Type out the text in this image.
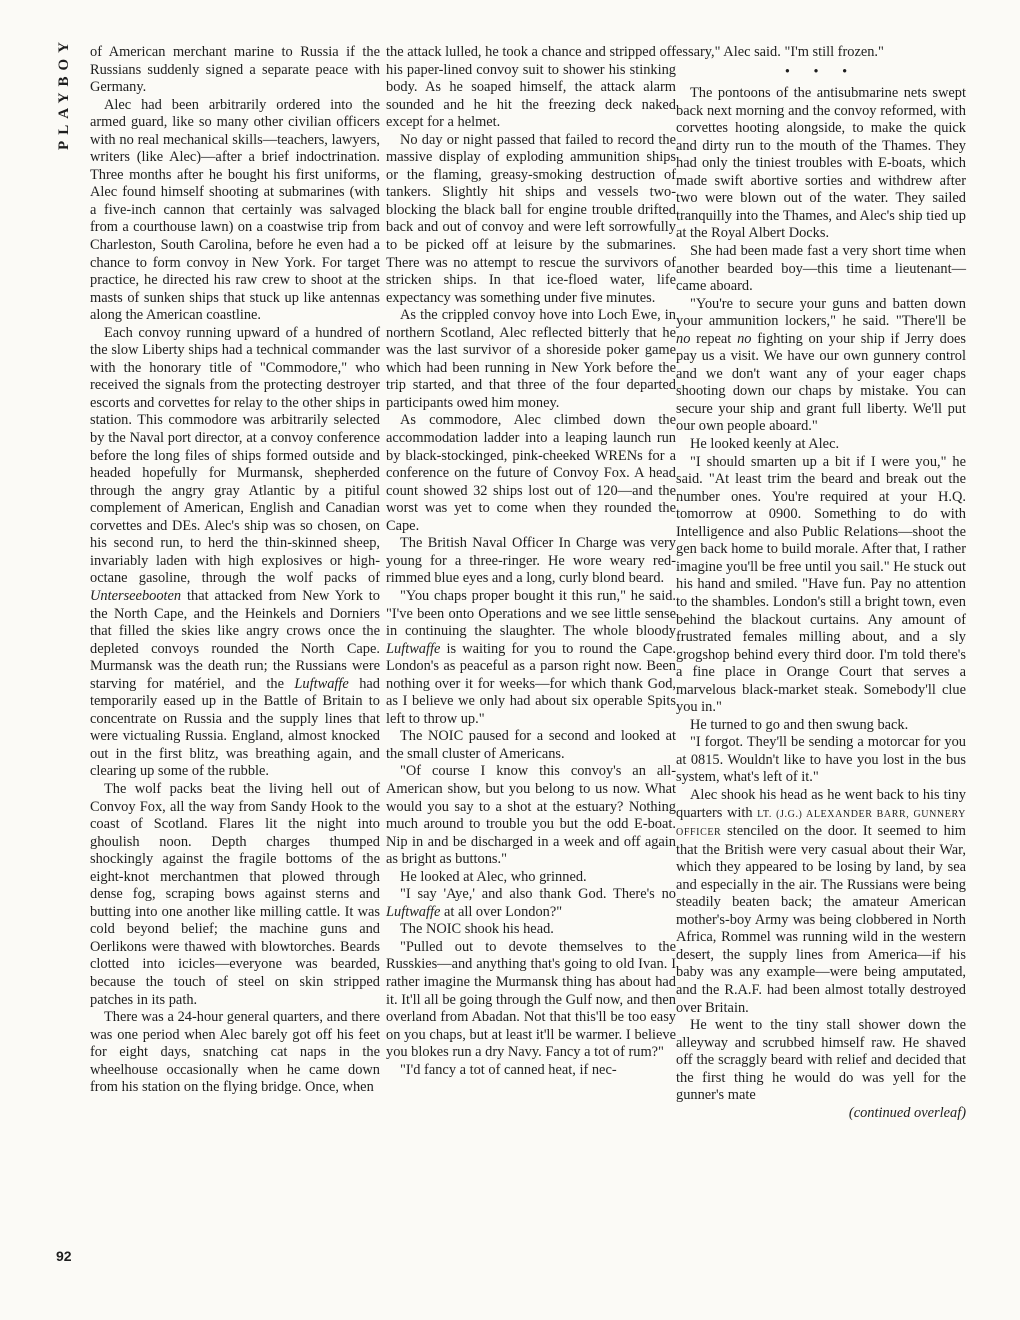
PLAYBOY
92

of American merchant marine to Russia if the Russians suddenly signed a separate peace with Germany.

Alec had been arbitrarily ordered into the armed guard, like so many other civilian officers with no real mechanical skills—teachers, lawyers, writers (like Alec)—after a brief indoctrination. Three months after he bought his first uniforms, Alec found himself shooting at submarines (with a five-inch cannon that certainly was salvaged from a courthouse lawn) on a coastwise trip from Charleston, South Carolina, before he even had a chance to form convoy in New York. For target practice, he directed his raw crew to shoot at the masts of sunken ships that stuck up like antennas along the American coastline.

Each convoy running upward of a hundred of the slow Liberty ships had a technical commander with the honorary title of "Commodore," who received the signals from the protecting destroyer escorts and corvettes for relay to the other ships in station. This commodore was arbitrarily selected by the Naval port director, at a convoy conference before the long files of ships formed outside and headed hopefully for Murmansk, shepherded through the angry gray Atlantic by a pitiful complement of American, English and Canadian corvettes and DEs. Alec's ship was so chosen, on his second run, to herd the thin-skinned sheep, invariably laden with high explosives or high-octane gasoline, through the wolf packs of Unterseebooten that attacked from New York to the North Cape, and the Heinkels and Dorniers that filled the skies like angry crows once the depleted convoys rounded the North Cape. Murmansk was the death run; the Russians were starving for matériel, and the Luftwaffe had temporarily eased up in the Battle of Britain to concentrate on Russia and the supply lines that were victualing Russia. England, almost knocked out in the first blitz, was breathing again, and clearing up some of the rubble.

The wolf packs beat the living hell out of Convoy Fox, all the way from Sandy Hook to the coast of Scotland. Flares lit the night into ghoulish noon. Depth charges thumped shockingly against the fragile bottoms of the eight-knot merchantmen that plowed through dense fog, scraping bows against sterns and butting into one another like milling cattle. It was cold beyond belief; the machine guns and Oerlikons were thawed with blowtorches. Beards clotted into icicles—everyone was bearded, because the touch of steel on skin stripped patches in its path.

There was a 24-hour general quarters, and there was one period when Alec barely got off his feet for eight days, snatching cat naps in the wheelhouse occasionally when he came down from his station on the flying bridge. Once, when

the attack lulled, he took a chance and stripped off his paper-lined convoy suit to shower his stinking body. As he soaped himself, the attack alarm sounded and he hit the freezing deck naked except for a helmet.

No day or night passed that failed to record the massive display of exploding ammunition ships or the flaming, greasy-smoking destruction of tankers. Slightly hit ships and vessels two-blocking the black ball for engine trouble drifted back and out of convoy and were left sorrowfully to be picked off at leisure by the submarines. There was no attempt to rescue the survivors of stricken ships. In that ice-floed water, life expectancy was something under five minutes.

As the crippled convoy hove into Loch Ewe, in northern Scotland, Alec reflected bitterly that he was the last survivor of a shoreside poker game which had been running in New York before the trip started, and that three of the four departed participants owed him money.

As commodore, Alec climbed down the accommodation ladder into a leaping launch run by black-stockinged, pink-cheeked WRENs for a conference on the future of Convoy Fox. A head count showed 32 ships lost out of 120—and the worst was yet to come when they rounded the Cape.

The British Naval Officer In Charge was very young for a three-ringer. He wore weary red-rimmed blue eyes and a long, curly blond beard.

"You chaps proper bought it this run," he said. "I've been onto Operations and we see little sense in continuing the slaughter. The whole bloody Luftwaffe is waiting for you to round the Cape. London's as peaceful as a parson right now. Been nothing over it for weeks—for which thank God, as I believe we only had about six operable Spits left to throw up."

The NOIC paused for a second and looked at the small cluster of Americans.

"Of course I know this convoy's an all-American show, but you belong to us now. What would you say to a shot at the estuary? Nothing much around to trouble you but the odd E-boat. Nip in and be discharged in a week and off again as bright as buttons."

He looked at Alec, who grinned.

"I say 'Aye,' and also thank God. There's no Luftwaffe at all over London?"

The NOIC shook his head.

"Pulled out to devote themselves to the Russkies—and anything that's going to old Ivan. I rather imagine the Murmansk thing has about had it. It'll all be going through the Gulf now, and then overland from Abadan. Not that this'll be too easy on you chaps, but at least it'll be warmer. I believe you blokes run a dry Navy. Fancy a tot of rum?"

"I'd fancy a tot of canned heat, if nec-

essary," Alec said. "I'm still frozen."

• • •

The pontoons of the antisubmarine nets swept back next morning and the convoy reformed, with corvettes hooting alongside, to make the quick and dirty run to the mouth of the Thames. They had only the tiniest troubles with E-boats, which made swift abortive sorties and withdrew after two were blown out of the water. They sailed tranquilly into the Thames, and Alec's ship tied up at the Royal Albert Docks.

She had been made fast a very short time when another bearded boy—this time a lieutenant—came aboard.

"You're to secure your guns and batten down your ammunition lockers," he said. "There'll be no repeat no fighting on your ship if Jerry does pay us a visit. We have our own gunnery control and we don't want any of your eager chaps shooting down our chaps by mistake. You can secure your ship and grant full liberty. We'll put our own people aboard."

He looked keenly at Alec.

"I should smarten up a bit if I were you," he said. "At least trim the beard and break out the number ones. You're required at your H.Q. tomorrow at 0900. Something to do with Intelligence and also Public Relations—shoot the gen back home to build morale. After that, I rather imagine you'll be free until you sail." He stuck out his hand and smiled. "Have fun. Pay no attention to the shambles. London's still a bright town, even behind the blackout curtains. Any amount of frustrated females milling about, and a sly grogshop behind every third door. I'm told there's a fine place in Orange Court that serves a marvelous black-market steak. Somebody'll clue you in."

He turned to go and then swung back.

"I forgot. They'll be sending a motorcar for you at 0815. Wouldn't like to have you lost in the bus system, what's left of it."

Alec shook his head as he went back to his tiny quarters with LT. (J.G.) ALEXANDER BARR, GUNNERY OFFICER stenciled on the door. It seemed to him that the British were very casual about their War, which they appeared to be losing by land, by sea and especially in the air. The Russians were being steadily beaten back; the amateur American mother's-boy Army was being clobbered in North Africa, Rommel was running wild in the western desert, the supply lines from America—if his baby was any example—were being amputated, and the R.A.F. had been almost totally destroyed over Britain.

He went to the tiny stall shower down the alleyway and scrubbed himself raw. He shaved off the scraggly beard with relief and decided that the first thing he would do was yell for the gunner's mate

(continued overleaf)
